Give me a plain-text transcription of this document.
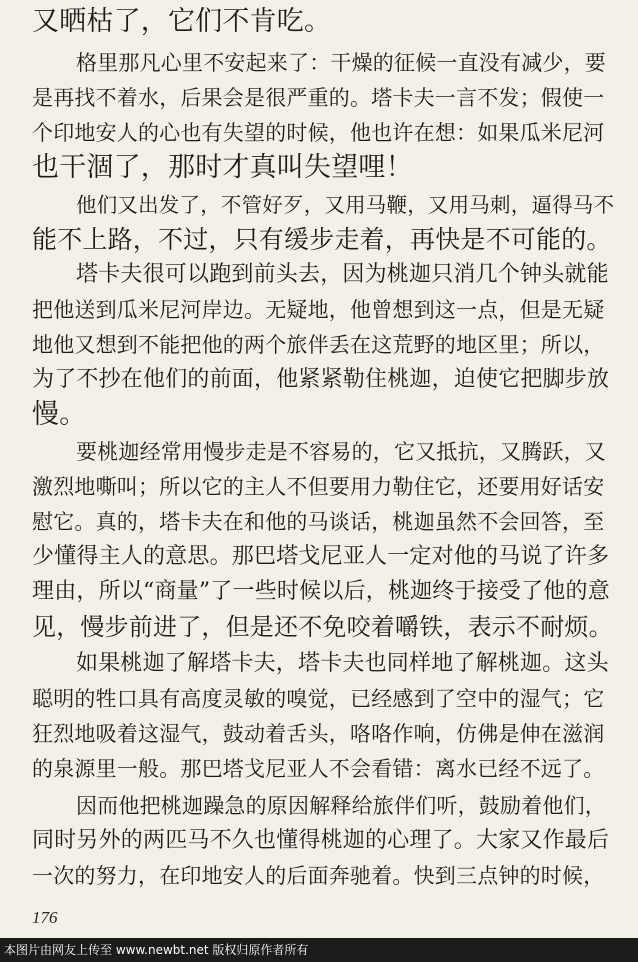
又晒枯了，它们不肯吃。
格里那凡心里不安起来了：干燥的征候一直没有减少，要
是再找不着水，后果会是很严重的。塔卡夫一言不发；假使一
个印地安人的心也有失望的时候，他也许在想：如果瓜米尼河
也干涸了，那时才真叫失望哩！
他们又出发了，不管好歹，又用马鞭，又用马刺，逼得马不
能不上路，不过，只有缓步走着，再快是不可能的。
塔卡夫很可以跑到前头去，因为桃迦只消几个钟头就能
把他送到瓜米尼河岸边。无疑地，他曾想到这一点，但是无疑
地他又想到不能把他的两个旅伴丢在这荒野的地区里；所以，
为了不抄在他们的前面，他紧紧勒住桃迦，迫使它把脚步放
慢。
要桃迦经常用慢步走是不容易的，它又抵抗，又腾跃，又
激烈地嘶叫；所以它的主人不但要用力勒住它，还要用好话安
慰它。真的，塔卡夫在和他的马谈话，桃迦虽然不会回答，至
少懂得主人的意思。那巴塔戈尼亚人一定对他的马说了许多
理由，所以“商量”了一些时候以后，桃迦终于接受了他的意
见，慢步前进了，但是还不免咬着嚼铁，表示不耐烦。
如果桃迦了解塔卡夫，塔卡夫也同样地了解桃迦。这头
聪明的牲口具有高度灵敏的嗅觉，已经感到了空中的湿气；它
狂烈地吸着这湿气，鼓动着舌头，咯咯作响，仿佛是伸在滋润
的泉源里一般。那巴塔戈尼亚人不会看错：离水已经不远了。
因而他把桃迦躁急的原因解释给旅伴们听，鼓励着他们，
同时另外的两匹马不久也懂得桃迦的心理了。大家又作最后
一次的努力，在印地安人的后面奔驰着。快到三点钟的时候，
176
本图片由网友上传至 www.newbt.net 版权归原作者所有
